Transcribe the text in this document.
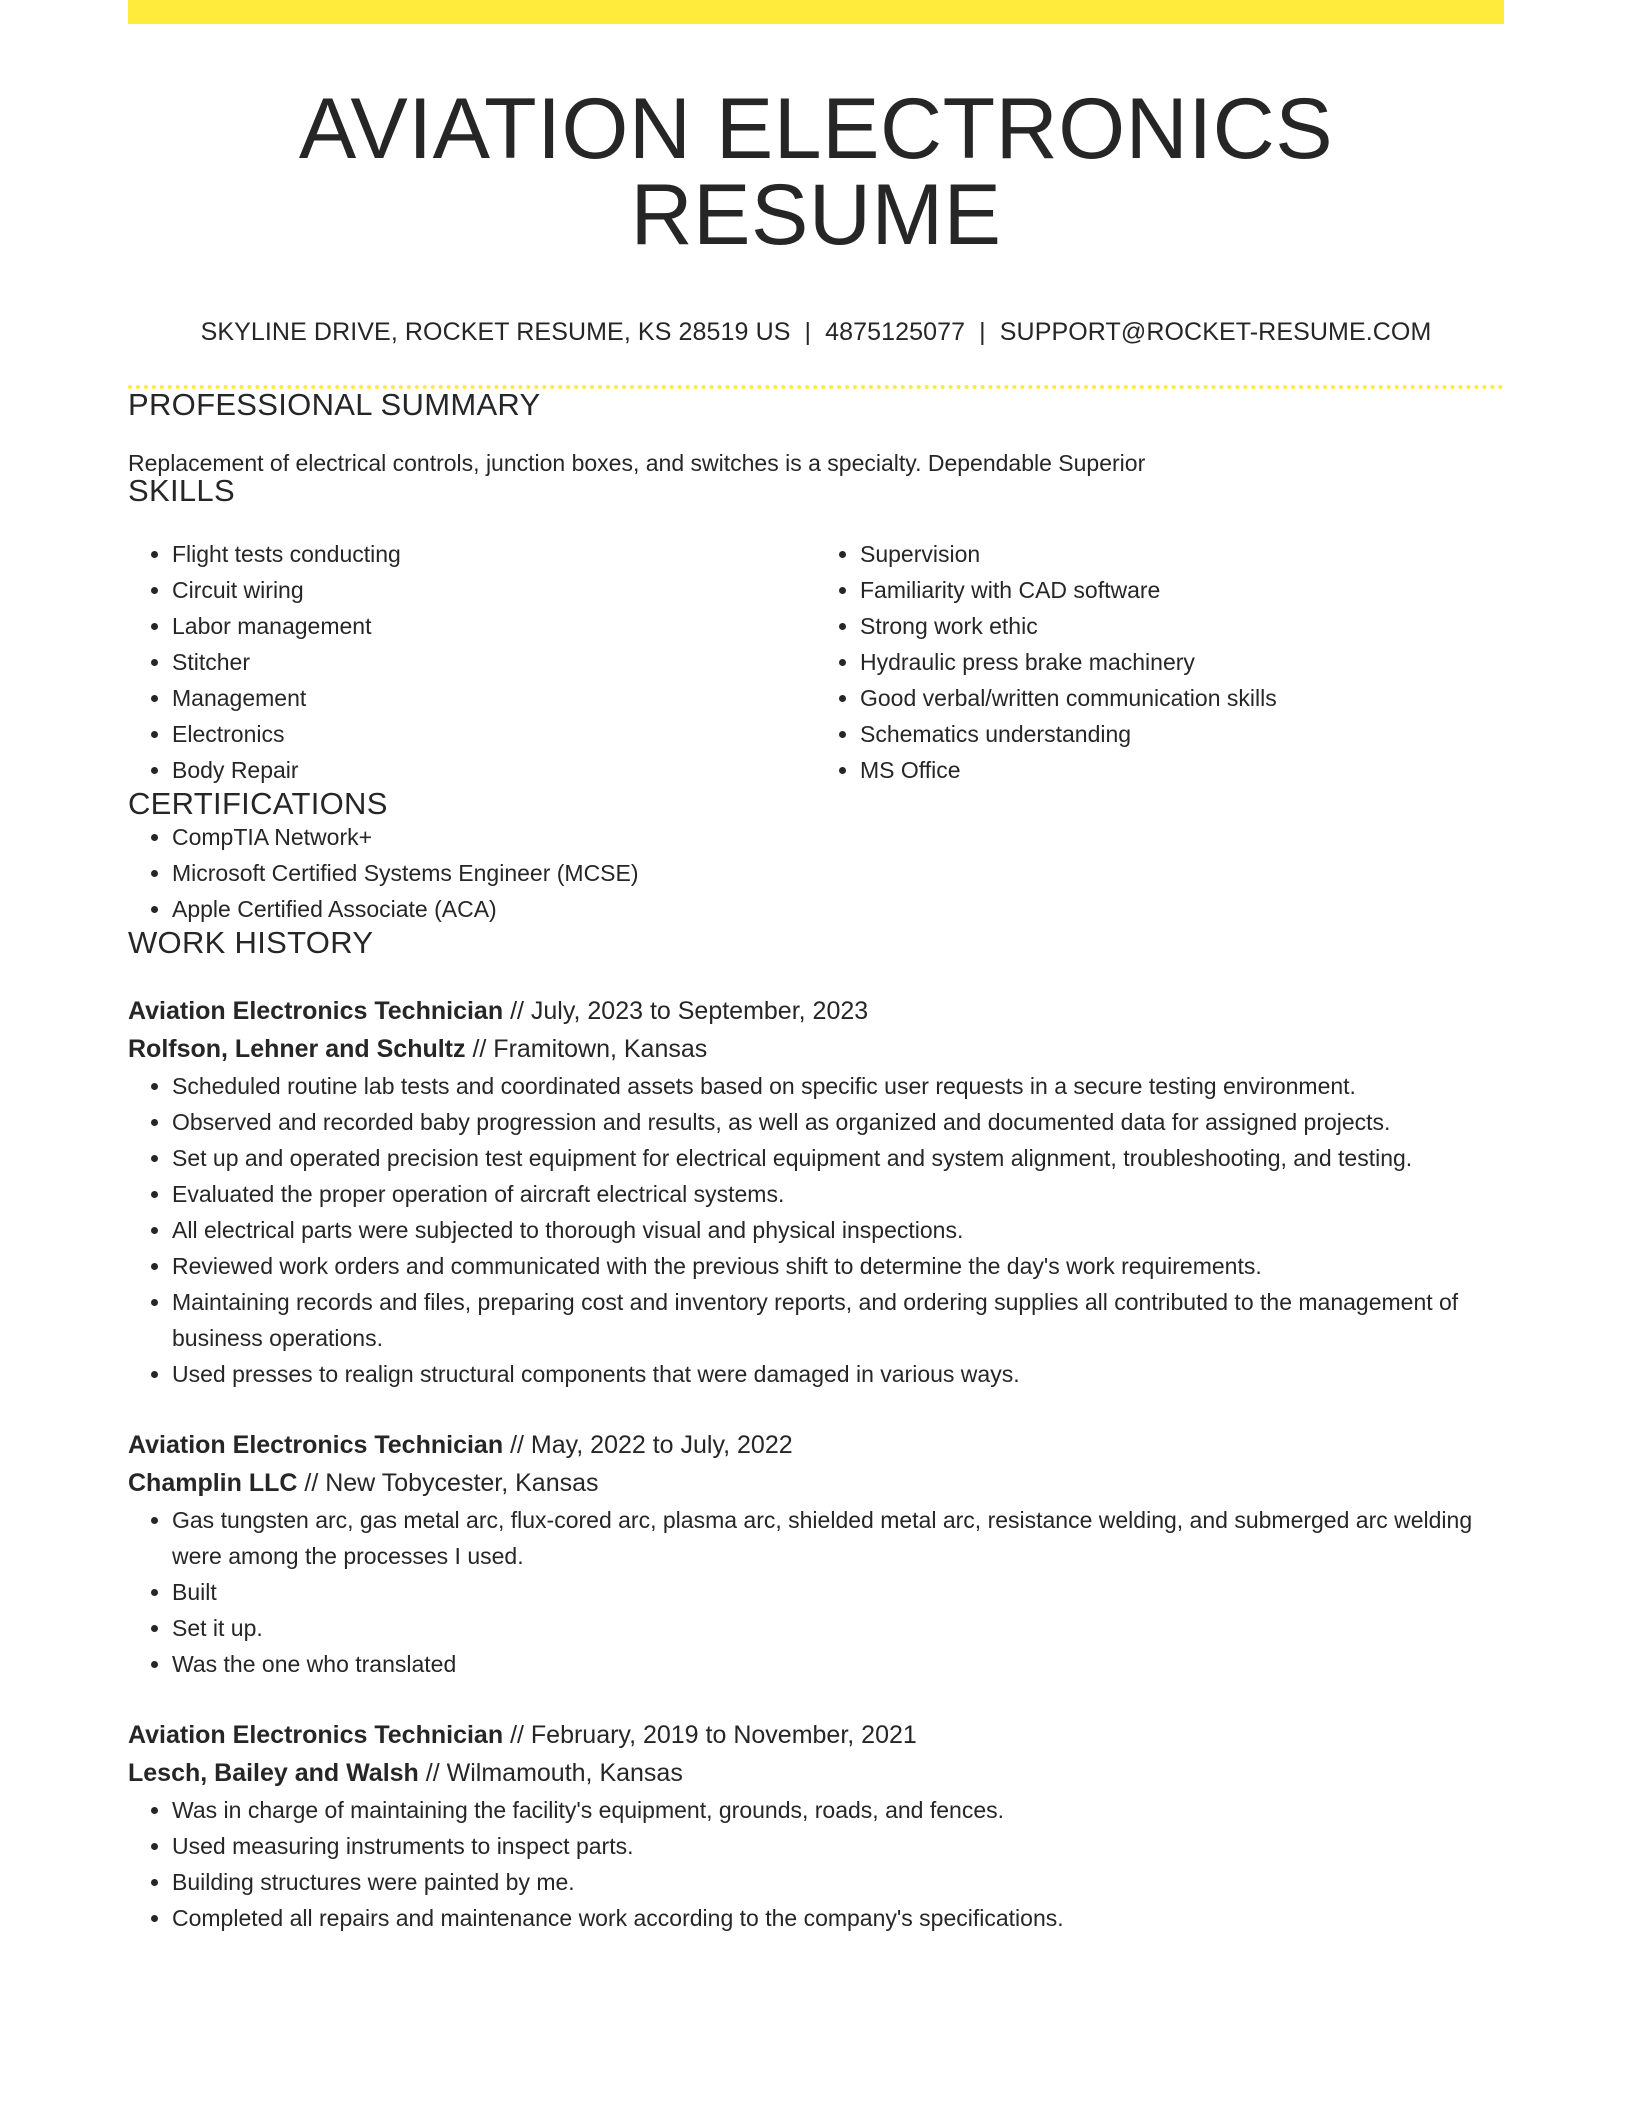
AVIATION ELECTRONICS RESUME
SKYLINE DRIVE, ROCKET RESUME, KS 28519 US | 4875125077 | SUPPORT@ROCKET-RESUME.COM
PROFESSIONAL SUMMARY
Replacement of electrical controls, junction boxes, and switches is a specialty. Dependable Superior
SKILLS
• Flight tests conducting
• Circuit wiring
• Labor management
• Stitcher
• Management
• Electronics
• Body Repair
• Supervision
• Familiarity with CAD software
• Strong work ethic
• Hydraulic press brake machinery
• Good verbal/written communication skills
• Schematics understanding
• MS Office
CERTIFICATIONS
• CompTIA Network+
• Microsoft Certified Systems Engineer (MCSE)
• Apple Certified Associate (ACA)
WORK HISTORY
Aviation Electronics Technician // July, 2023 to September, 2023
Rolfson, Lehner and Schultz // Framitown, Kansas
• Scheduled routine lab tests and coordinated assets based on specific user requests in a secure testing environment.
• Observed and recorded baby progression and results, as well as organized and documented data for assigned projects.
• Set up and operated precision test equipment for electrical equipment and system alignment, troubleshooting, and testing.
• Evaluated the proper operation of aircraft electrical systems.
• All electrical parts were subjected to thorough visual and physical inspections.
• Reviewed work orders and communicated with the previous shift to determine the day's work requirements.
• Maintaining records and files, preparing cost and inventory reports, and ordering supplies all contributed to the management of business operations.
• Used presses to realign structural components that were damaged in various ways.
Aviation Electronics Technician // May, 2022 to July, 2022
Champlin LLC // New Tobycester, Kansas
• Gas tungsten arc, gas metal arc, flux-cored arc, plasma arc, shielded metal arc, resistance welding, and submerged arc welding were among the processes I used.
• Built
• Set it up.
• Was the one who translated
Aviation Electronics Technician // February, 2019 to November, 2021
Lesch, Bailey and Walsh // Wilmamouth, Kansas
• Was in charge of maintaining the facility's equipment, grounds, roads, and fences.
• Used measuring instruments to inspect parts.
• Building structures were painted by me.
• Completed all repairs and maintenance work according to the company's specifications.
